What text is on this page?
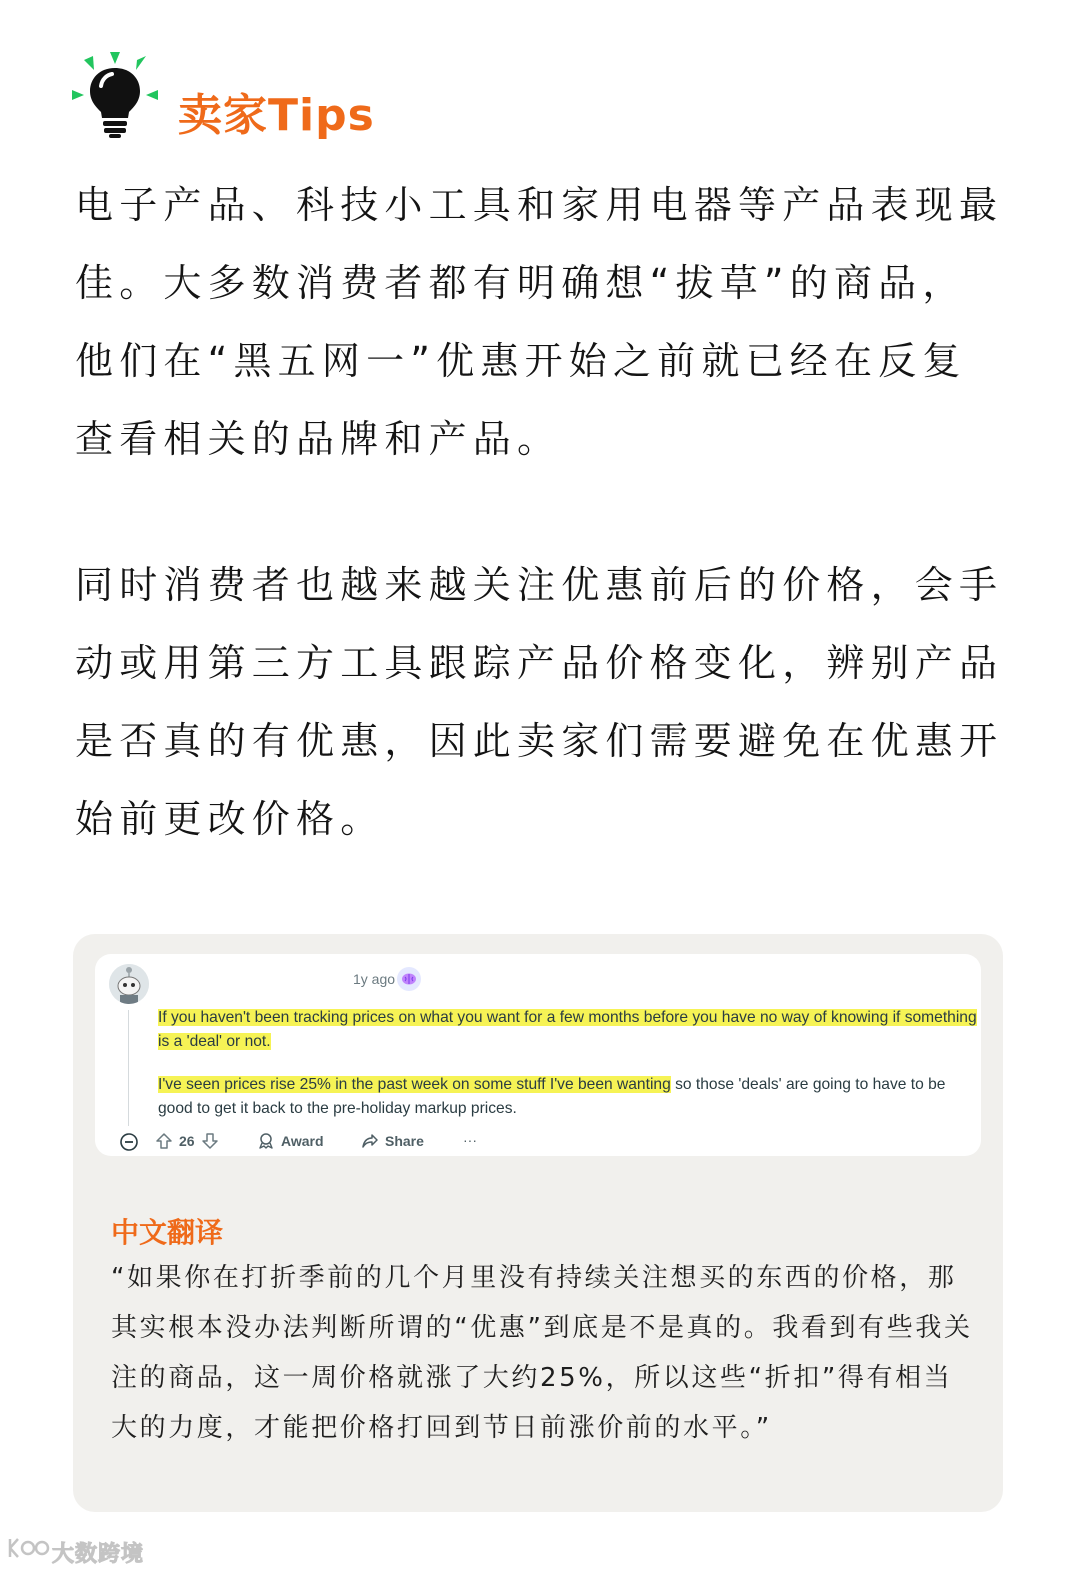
卖家Tips

电子产品、科技小工具和家用电器等产品表现最佳。大多数消费者都有明确想“拔草”的商品，他们在“黑五网一”优惠开始之前就已经在反复查看相关的品牌和产品。

同时消费者也越来越关注优惠前后的价格，会手动或用第三方工具跟踪产品价格变化，辨别产品是否真的有优惠，因此卖家们需要避免在优惠开始前更改价格。

1y ago

If you haven't been tracking prices on what you want for a few months before you have no way of knowing if something is a 'deal' or not.

I've seen prices rise 25% in the past week on some stuff I've been wanting so those 'deals' are going to have to be good to get it back to the pre-holiday markup prices.

26	Award	Share	···
中文翻译

“如果你在打折季前的几个月里没有持续关注想买的东西的价格，那其实根本没办法判断所谓的“优惠”到底是不是真的。我看到有些我关注的商品，这一周价格就涨了大约25%，所以这些“折扣”得有相当大的力度，才能把价格打回到节日前涨价前的水平。”

大数跨境
